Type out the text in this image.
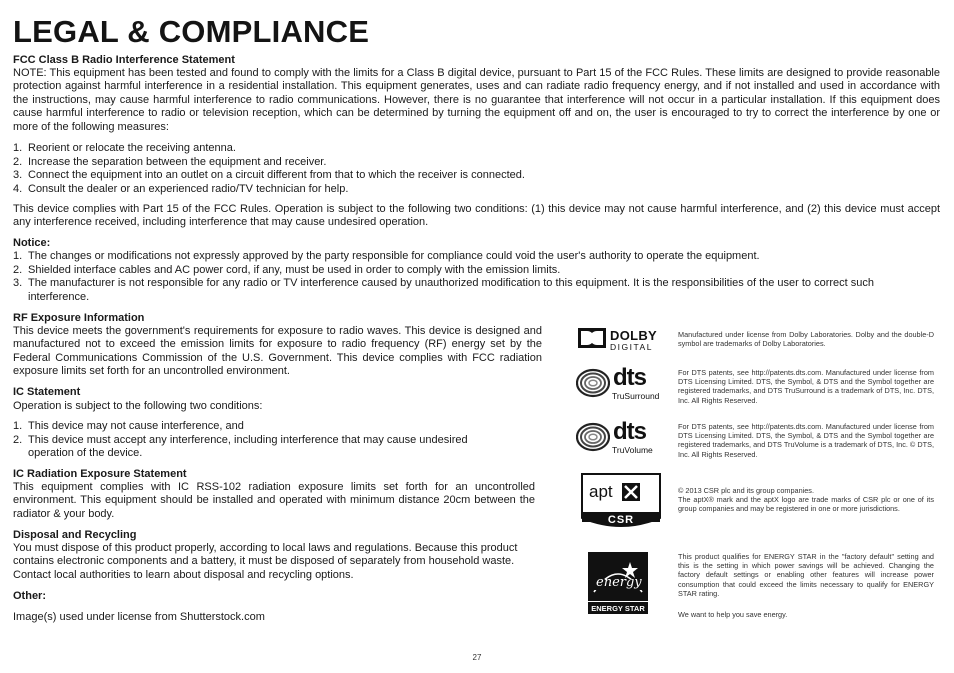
LEGAL & COMPLIANCE
FCC Class B Radio Interference Statement
NOTE: This equipment has been tested and found to comply with the limits for a Class B digital device, pursuant to Part 15 of the FCC Rules. These limits are designed to provide reasonable protection against harmful interference in a residential installation. This equipment generates, uses and can radiate radio frequency energy, and if not installed and used in accordance with the instructions, may cause harmful interference to radio communications. However, there is no guarantee that interference will not occur in a particular installation. If this equipment does cause harmful interference to radio or television reception, which can be determined by turning the equipment off and on, the user is encouraged to try to correct the interference by one or more of the following measures:
1. Reorient or relocate the receiving antenna.
2. Increase the separation between the equipment and receiver.
3. Connect the equipment into an outlet on a circuit different from that to which the receiver is connected.
4. Consult the dealer or an experienced radio/TV technician for help.
This device complies with Part 15 of the FCC Rules. Operation is subject to the following two conditions: (1) this device may not cause harmful interference, and (2) this device must accept any interference received, including interference that may cause undesired operation.
Notice:
1. The changes or modifications not expressly approved by the party responsible for compliance could void the user's authority to operate the equipment.
2. Shielded interface cables and AC power cord, if any, must be used in order to comply with the emission limits.
3. The manufacturer is not responsible for any radio or TV interference caused by unauthorized modification to this equipment. It is the responsibilities of the user to correct such interference.
RF Exposure Information
This device meets the government's requirements for exposure to radio waves. This device is designed and manufactured not to exceed the emission limits for exposure to radio frequency (RF) energy set by the Federal Communications Commission of the U.S. Government. This device complies with FCC radiation exposure limits set forth for an uncontrolled environment.
IC Statement
Operation is subject to the following two conditions:
1. This device may not cause interference, and
2. This device must accept any interference, including interference that may cause undesired operation of the device.
IC Radiation Exposure Statement
This equipment complies with IC RSS-102 radiation exposure limits set forth for an uncontrolled environment. This equipment should be installed and operated with minimum distance 20cm between the radiator & your body.
Disposal and Recycling
You must dispose of this product properly, according to local laws and regulations. Because this product contains electronic components and a battery, it must be disposed of separately from household waste. Contact local authorities to learn about disposal and recycling options.
Other:
Image(s) used under license from Shutterstock.com
DOLBY
DIGITAL
Manufactured under license from Dolby Laboratories. Dolby and the double-D symbol are trademarks of Dolby Laboratories.
dts
TruSurround
For DTS patents, see http://patents.dts.com. Manufactured under license from DTS Licensing Limited. DTS, the Symbol, & DTS and the Symbol together are registered trademarks, and DTS TruSurround is a trademark of DTS, Inc. DTS, Inc. All Rights Reserved.
dts
TruVolume
For DTS patents, see http://patents.dts.com. Manufactured under license from DTS Licensing Limited. DTS, the Symbol, & DTS and the Symbol together are registered trademarks, and DTS TruVolume is a trademark of DTS, Inc. © DTS, Inc. All Rights Reserved.
apt
CSR
© 2013 CSR plc and its group companies.
The aptX® mark and the aptX logo are trade marks of CSR plc or one of its group companies and may be registered in one or more jurisdictions.
energy
ENERGY STAR
This product qualifies for ENERGY STAR in the "factory default" setting and this is the setting in which power savings will be achieved. Changing the factory default settings or enabling other features will increase power consumption that could exceed the limits necessary to qualify for ENERGY STAR rating.
We want to help you save energy.
27
